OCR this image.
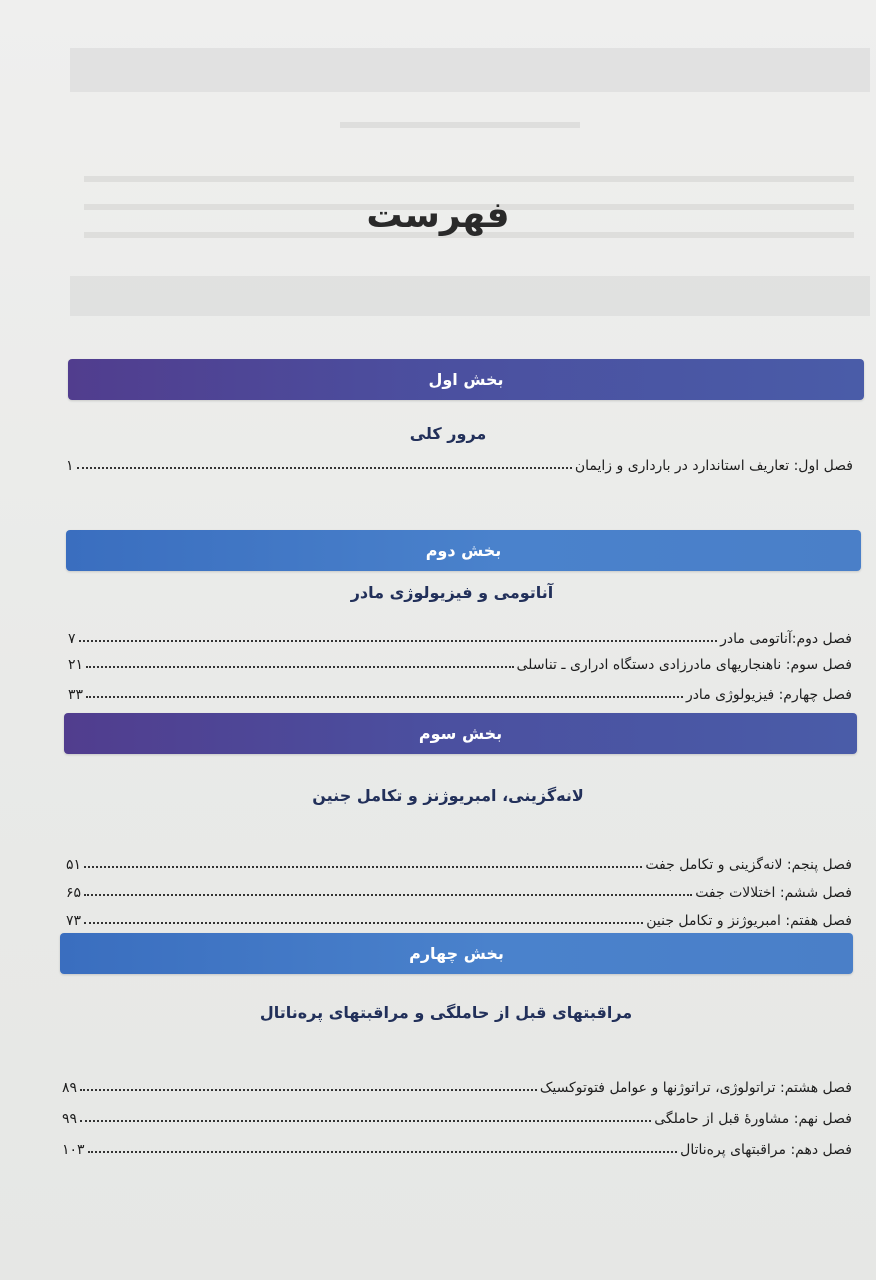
فهرست
بخش اول
مرور کلی
فصل اول: تعاریف استاندارد در بارداری و زایمان
۱
بخش دوم
آناتومی و فیزیولوژی مادر
فصل دوم:آناتومی مادر
۷
فصل سوم: ناهنجاریهای مادرزادی دستگاه ادراری ـ تناسلی
۲۱
فصل چهارم: فیزیولوژی مادر
۳۳
بخش سوم
لانه‌گزینی، امبریوژنز و تکامل جنین
فصل پنجم: لانه‌گزینی و تکامل جفت
۵۱
فصل ششم: اختلالات جفت
۶۵
فصل هفتم: امبریوژنز و تکامل جنین
۷۳
بخش چهارم
مراقبتهای قبل از حاملگی و مراقبتهای پره‌ناتال
فصل هشتم: تراتولوژی، تراتوژنها و عوامل فتوتوکسیک
۸۹
فصل نهم: مشاورهٔ قبل از حاملگی
۹۹
فصل دهم: مراقبتهای پره‌ناتال
۱۰۳
